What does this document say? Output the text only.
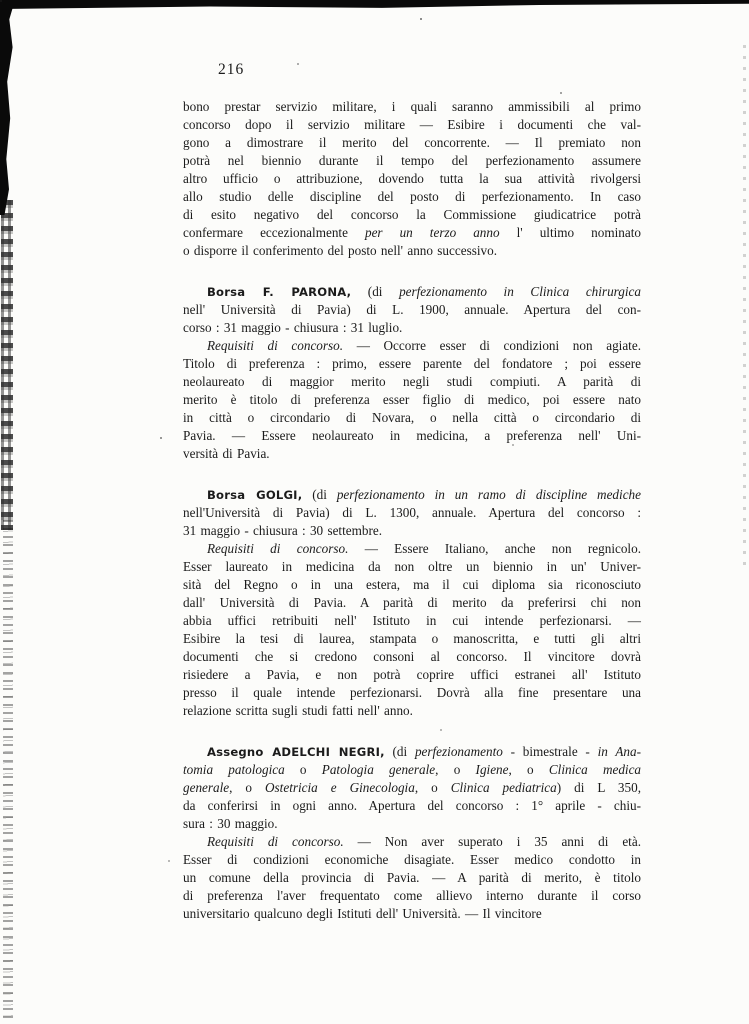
216
bono prestar servizio militare, i quali saranno ammissibili al primo
concorso dopo il servizio militare — Esibire i documenti che val-
gono a dimostrare il merito del concorrente. — Il premiato non
potrà nel biennio durante il tempo del perfezionamento assumere
altro ufficio o attribuzione, dovendo tutta la sua attività rivolgersi
allo studio delle discipline del posto di perfezionamento. In caso
di esito negativo del concorso la Commissione giudicatrice potrà
confermare eccezionalmente per un terzo anno l' ultimo nominato
o disporre il conferimento del posto nell' anno successivo.
Borsa F. PARONA, (di perfezionamento in Clinica chirurgica
nell' Università di Pavia) di L. 1900, annuale. Apertura del con-
corso : 31 maggio - chiusura : 31 luglio.
Requisiti di concorso. — Occorre esser di condizioni non agiate.
Titolo di preferenza : primo, essere parente del fondatore ; poi essere
neolaureato di maggior merito negli studi compiuti. A parità di
merito è titolo di preferenza esser figlio di medico, poi essere nato
in città o circondario di Novara, o nella città o circondario di
Pavia. — Essere neolaureato in medicina, a preferenza nell' Uni-
versità di Pavia.
Borsa GOLGI, (di perfezionamento in un ramo di discipline mediche
nell'Università di Pavia) di L. 1300, annuale. Apertura del concorso :
31 maggio - chiusura : 30 settembre.
Requisiti di concorso. — Essere Italiano, anche non regnicolo.
Esser laureato in medicina da non oltre un biennio in un' Univer-
sità del Regno o in una estera, ma il cui diploma sia riconosciuto
dall' Università di Pavia. A parità di merito da preferirsi chi non
abbia uffici retribuiti nell' Istituto in cui intende perfezionarsi. —
Esibire la tesi di laurea, stampata o manoscritta, e tutti gli altri
documenti che si credono consoni al concorso. Il vincitore dovrà
risiedere a Pavia, e non potrà coprire uffici estranei all' Istituto
presso il quale intende perfezionarsi. Dovrà alla fine presentare una
relazione scritta sugli studi fatti nell' anno.
Assegno ADELCHI NEGRI, (di perfezionamento - bimestrale - in Ana-
tomia patologica o Patologia generale, o Igiene, o Clinica medica
generale, o Ostetricia e Ginecologia, o Clinica pediatrica) di L 350,
da conferirsi in ogni anno. Apertura del concorso : 1° aprile - chiu-
sura : 30 maggio.
Requisiti di concorso. — Non aver superato i 35 anni di età.
Esser di condizioni economiche disagiate. Esser medico condotto in
un comune della provincia di Pavia. — A parità di merito, è titolo
di preferenza l'aver frequentato come allievo interno durante il corso
universitario qualcuno degli Istituti dell' Università. — Il vincitore
